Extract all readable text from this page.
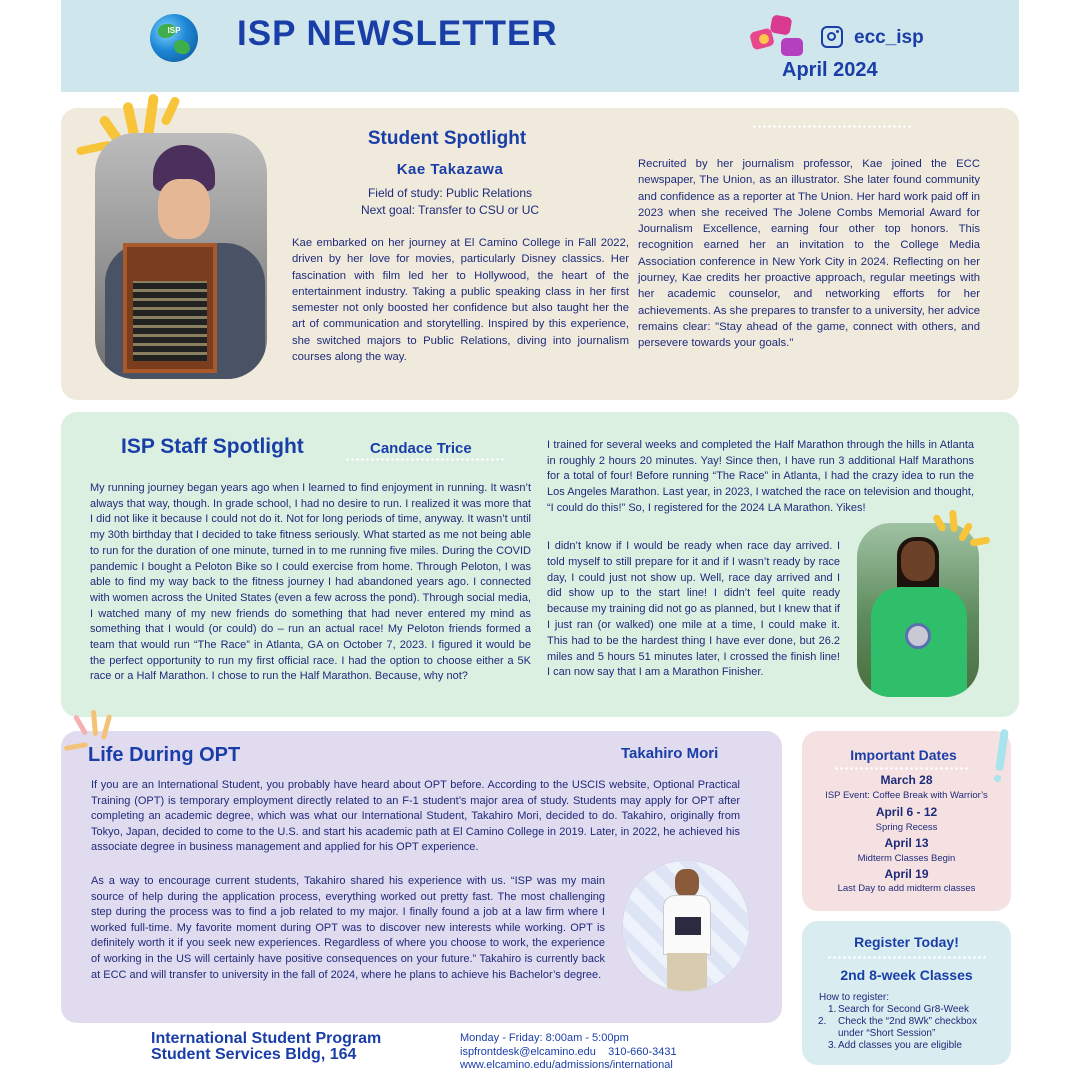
ISP	ISP NEWSLETTER	ecc_isp
April 2024
Student Spotlight
Kae Takazawa
Field of study: Public Relations
Next goal: Transfer to CSU or UC
Kae embarked on her journey at El Camino College in Fall 2022, driven by her love for movies, particularly Disney classics. Her fascination with film led her to Hollywood, the heart of the entertainment industry. Taking a public speaking class in her first semester not only boosted her confidence but also taught her the art of communication and storytelling. Inspired by this experience, she switched majors to Public Relations, diving into journalism courses along the way.
Recruited by her journalism professor, Kae joined the ECC newspaper, The Union, as an illustrator. She later found community and confidence as a reporter at The Union. Her hard work paid off in 2023 when she received The Jolene Combs Memorial Award for Journalism Excellence, earning four other top honors. This recognition earned her an invitation to the College Media Association conference in New York City in 2024. Reflecting on her journey, Kae credits her proactive approach, regular meetings with her academic counselor, and networking efforts for her achievements. As she prepares to transfer to a university, her advice remains clear: "Stay ahead of the game, connect with others, and persevere towards your goals."
ISP Staff Spotlight	Candace Trice
My running journey began years ago when I learned to find enjoyment in running. It wasn’t always that way, though. In grade school, I had no desire to run. I realized it was more that I did not like it because I could not do it. Not for long periods of time, anyway. It wasn’t until my 30th birthday that I decided to take fitness seriously. What started as me not being able to run for the duration of one minute, turned in to me running five miles. During the COVID pandemic I bought a Peloton Bike so I could exercise from home. Through Peloton, I was able to find my way back to the fitness journey I had abandoned years ago. I connected with women across the United States (even a few across the pond). Through social media, I watched many of my new friends do something that had never entered my mind as something that I would (or could) do – run an actual race! My Peloton friends formed a team that would run “The Race” in Atlanta, GA on October 7, 2023. I figured it would be the perfect opportunity to run my first official race. I had the option to choose either a 5K race or a Half Marathon. I chose to run the Half Marathon. Because, why not?
I trained for several weeks and completed the Half Marathon through the hills in Atlanta in roughly 2 hours 20 minutes. Yay! Since then, I have run 3 additional Half Marathons for a total of four! Before running “The Race” in Atlanta, I had the crazy idea to run the Los Angeles Marathon. Last year, in 2023, I watched the race on television and thought, “I could do this!” So, I registered for the 2024 LA Marathon. Yikes!
I didn’t know if I would be ready when race day arrived. I told myself to still prepare for it and if I wasn’t ready by race day, I could just not show up. Well, race day arrived and I did show up to the start line! I didn’t feel quite ready because my training did not go as planned, but I knew that if I just ran (or walked) one mile at a time, I could make it. This had to be the hardest thing I have ever done, but 26.2 miles and 5 hours 51 minutes later, I crossed the finish line! I can now say that I am a Marathon Finisher.
Life During OPT	Takahiro Mori
If you are an International Student, you probably have heard about OPT before. According to the USCIS website, Optional Practical Training (OPT) is temporary employment directly related to an F-1 student’s major area of study. Students may apply for OPT after completing an academic degree, which was what our International Student, Takahiro Mori, decided to do. Takahiro, originally from Tokyo, Japan, decided to come to the U.S. and start his academic path at El Camino College in 2019. Later, in 2022, he achieved his associate degree in business management and applied for his OPT experience.
As a way to encourage current students, Takahiro shared his experience with us. “ISP was my main source of help during the application process, everything worked out pretty fast. The most challenging step during the process was to find a job related to my major. I finally found a job at a law firm where I worked full-time. My favorite moment during OPT was to discover new interests while working. OPT is definitely worth it if you seek new experiences. Regardless of where you choose to work, the experience of working in the US will certainly have positive consequences on your future.” Takahiro is currently back at ECC and will transfer to university in the fall of 2024, where he plans to achieve his Bachelor’s degree.
Important Dates
March 28
ISP Event: Coffee Break with Warrior’s
April 6 - 12
Spring Recess
April 13
Midterm Classes Begin
April 19
Last Day to add midterm classes
Register Today!
2nd 8-week Classes
How to register:
1. Search for Second Gr8-Week
2. Check the “2nd 8Wk” checkbox under “Short Session”
3. Add classes you are eligible
International Student Program
Student Services Bldg, 164
Monday - Friday: 8:00am - 5:00pm
ispfrontdesk@elcamino.edu 310-660-3431
www.elcamino.edu/admissions/international
